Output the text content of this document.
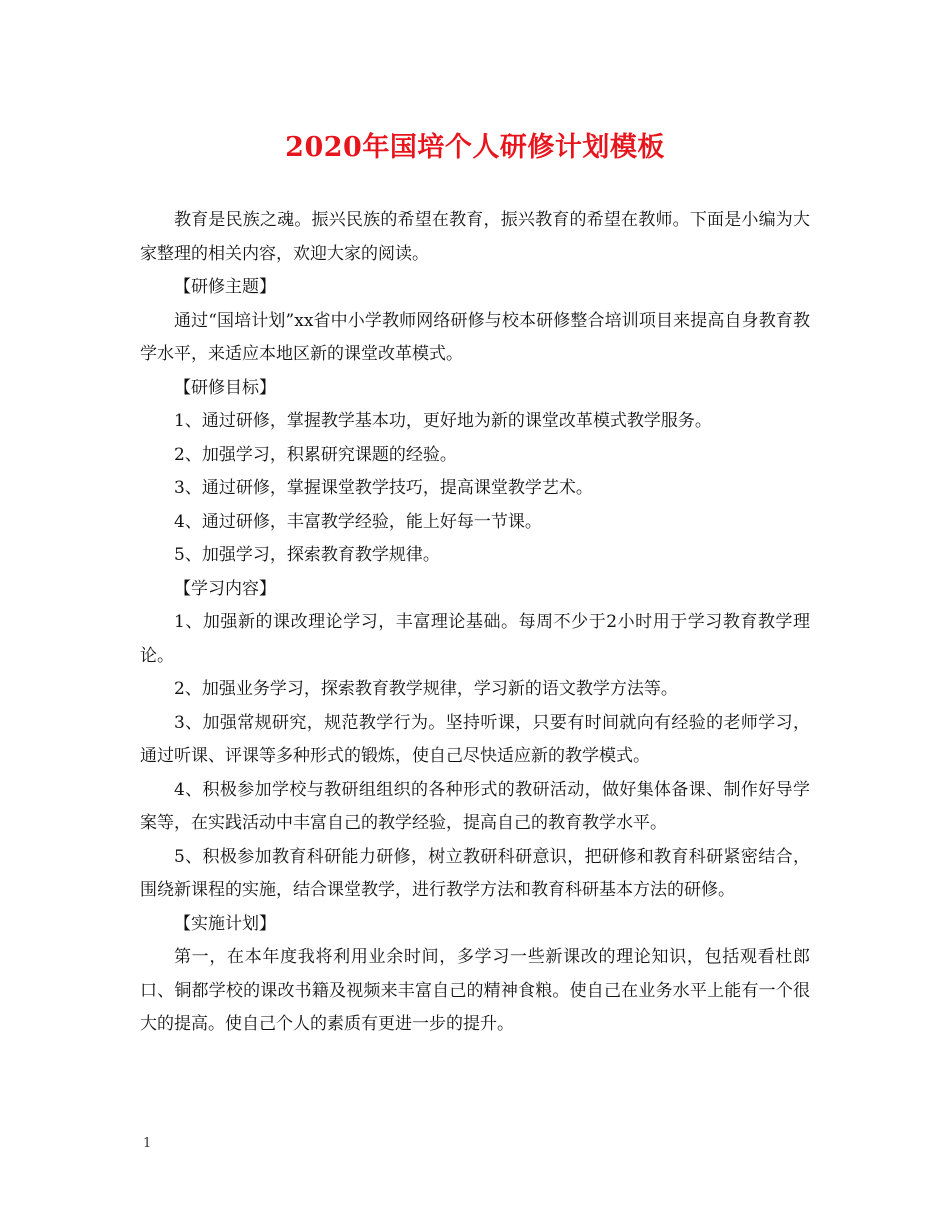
2020年国培个人研修计划模板

教育是民族之魂。振兴民族的希望在教育，振兴教育的希望在教师。下面是小编为大家整理的相关内容，欢迎大家的阅读。

【研修主题】

通过“国培计划”xx省中小学教师网络研修与校本研修整合培训项目来提高自身教育教学水平，来适应本地区新的课堂改革模式。

【研修目标】

1、通过研修，掌握教学基本功，更好地为新的课堂改革模式教学服务。

2、加强学习，积累研究课题的经验。

3、通过研修，掌握课堂教学技巧，提高课堂教学艺术。

4、通过研修，丰富教学经验，能上好每一节课。

5、加强学习，探索教育教学规律。

【学习内容】

1、加强新的课改理论学习，丰富理论基础。每周不少于2小时用于学习教育教学理论。

2、加强业务学习，探索教育教学规律，学习新的语文教学方法等。

3、加强常规研究，规范教学行为。坚持听课，只要有时间就向有经验的老师学习，通过听课、评课等多种形式的锻炼，使自己尽快适应新的教学模式。

4、积极参加学校与教研组组织的各种形式的教研活动，做好集体备课、制作好导学案等，在实践活动中丰富自己的教学经验，提高自己的教育教学水平。

5、积极参加教育科研能力研修，树立教研科研意识，把研修和教育科研紧密结合，围绕新课程的实施，结合课堂教学，进行教学方法和教育科研基本方法的研修。

【实施计划】

第一，在本年度我将利用业余时间，多学习一些新课改的理论知识，包括观看杜郎口、铜都学校的课改书籍及视频来丰富自己的精神食粮。使自己在业务水平上能有一个很大的提高。使自己个人的素质有更进一步的提升。

1
